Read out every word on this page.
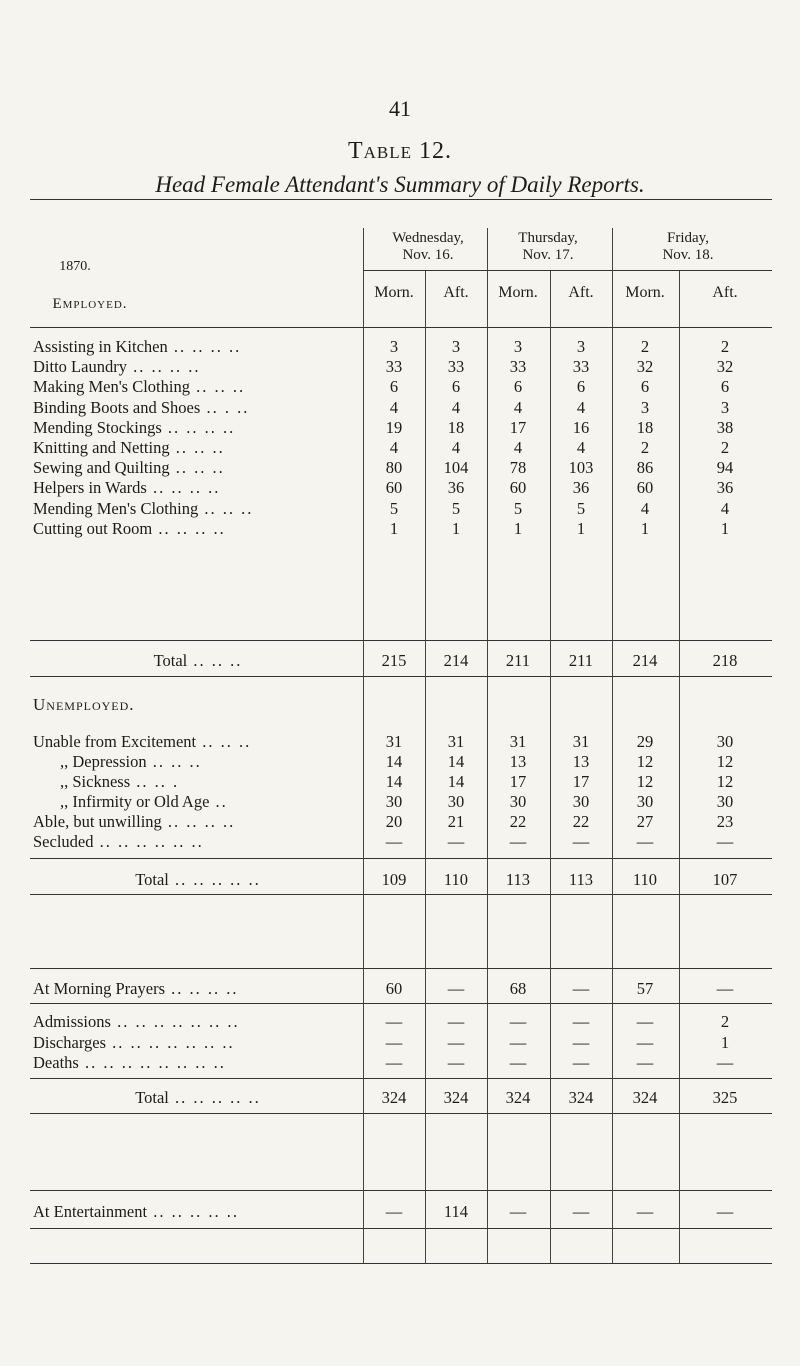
41
Table 12.
Head Female Attendant's Summary of Daily Reports.
1870.
Employed.
Wednesday,
Nov. 16.
Thursday,
Nov. 17.
Friday,
Nov. 18.
Morn.	Aft.	Morn.	Aft.	Morn.	Aft.
Unemployed.
Assisting in Kitchen .. .. .. ..	3	3	3	3	2	2
Ditto Laundry .. .. .. ..	33	33	33	33	32	32
Making Men's Clothing .. .. ..	6	6	6	6	6	6
Binding Boots and Shoes .. . ..	4	4	4	4	3	3
Mending Stockings .. .. .. ..	19	18	17	16	18	38
Knitting and Netting .. .. ..	4	4	4	4	2	2
Sewing and Quilting .. .. ..	80	104	78	103	86	94
Helpers in Wards .. .. .. ..	60	36	60	36	60	36
Mending Men's Clothing .. .. ..	5	5	5	5	4	4
Cutting out Room .. .. .. ..	1	1	1	1	1	1
Total .. .. ..	215	214	211	211	214	218
Unable from Excitement .. .. ..	31	31	31	31	29	30
,, Depression .. .. ..	14	14	13	13	12	12
,, Sickness .. .. .	14	14	17	17	12	12
,, Infirmity or Old Age ..	30	30	30	30	30	30
Able, but unwilling .. .. .. ..	20	21	22	22	27	23
Secluded .. .. .. .. .. ..	—	—	—	—	—	—
Total .. .. .. .. ..	109	110	113	113	110	107
At Morning Prayers .. .. .. ..	60	—	68	—	57	—
Admissions .. .. .. .. .. .. ..	—	—	—	—	—	2
Discharges .. .. .. .. .. .. ..	—	—	—	—	—	1
Deaths .. .. .. .. .. .. .. ..	—	—	—	—	—	—
Total .. .. .. .. ..	324	324	324	324	324	325
At Entertainment .. .. .. .. ..	—	114	—	—	—	—
